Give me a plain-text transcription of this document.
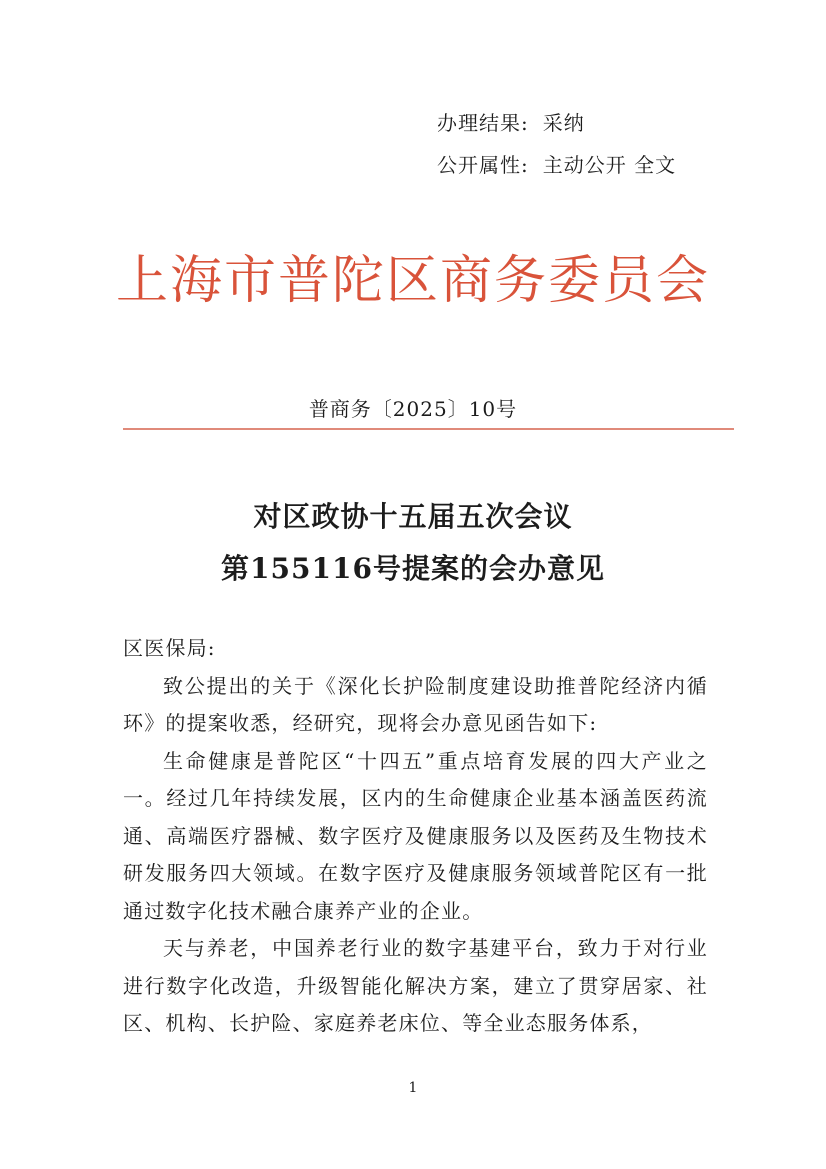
办理结果: 采纳
公开属性: 主动公开 全文
上海市普陀区商务委员会
普商务〔2025〕10号
对区政协十五届五次会议
第155116号提案的会办意见

区医保局:

致公提出的关于《深化长护险制度建设助推普陀经济内循环》的提案收悉，经研究，现将会办意见函告如下:

生命健康是普陀区“十四五”重点培育发展的四大产业之一。经过几年持续发展，区内的生命健康企业基本涵盖医药流通、高端医疗器械、数字医疗及健康服务以及医药及生物技术研发服务四大领域。在数字医疗及健康服务领域普陀区有一批通过数字化技术融合康养产业的企业。

天与养老，中国养老行业的数字基建平台，致力于对行业进行数字化改造，升级智能化解决方案，建立了贯穿居家、社区、机构、长护险、家庭养老床位、等全业态服务体系，

1
